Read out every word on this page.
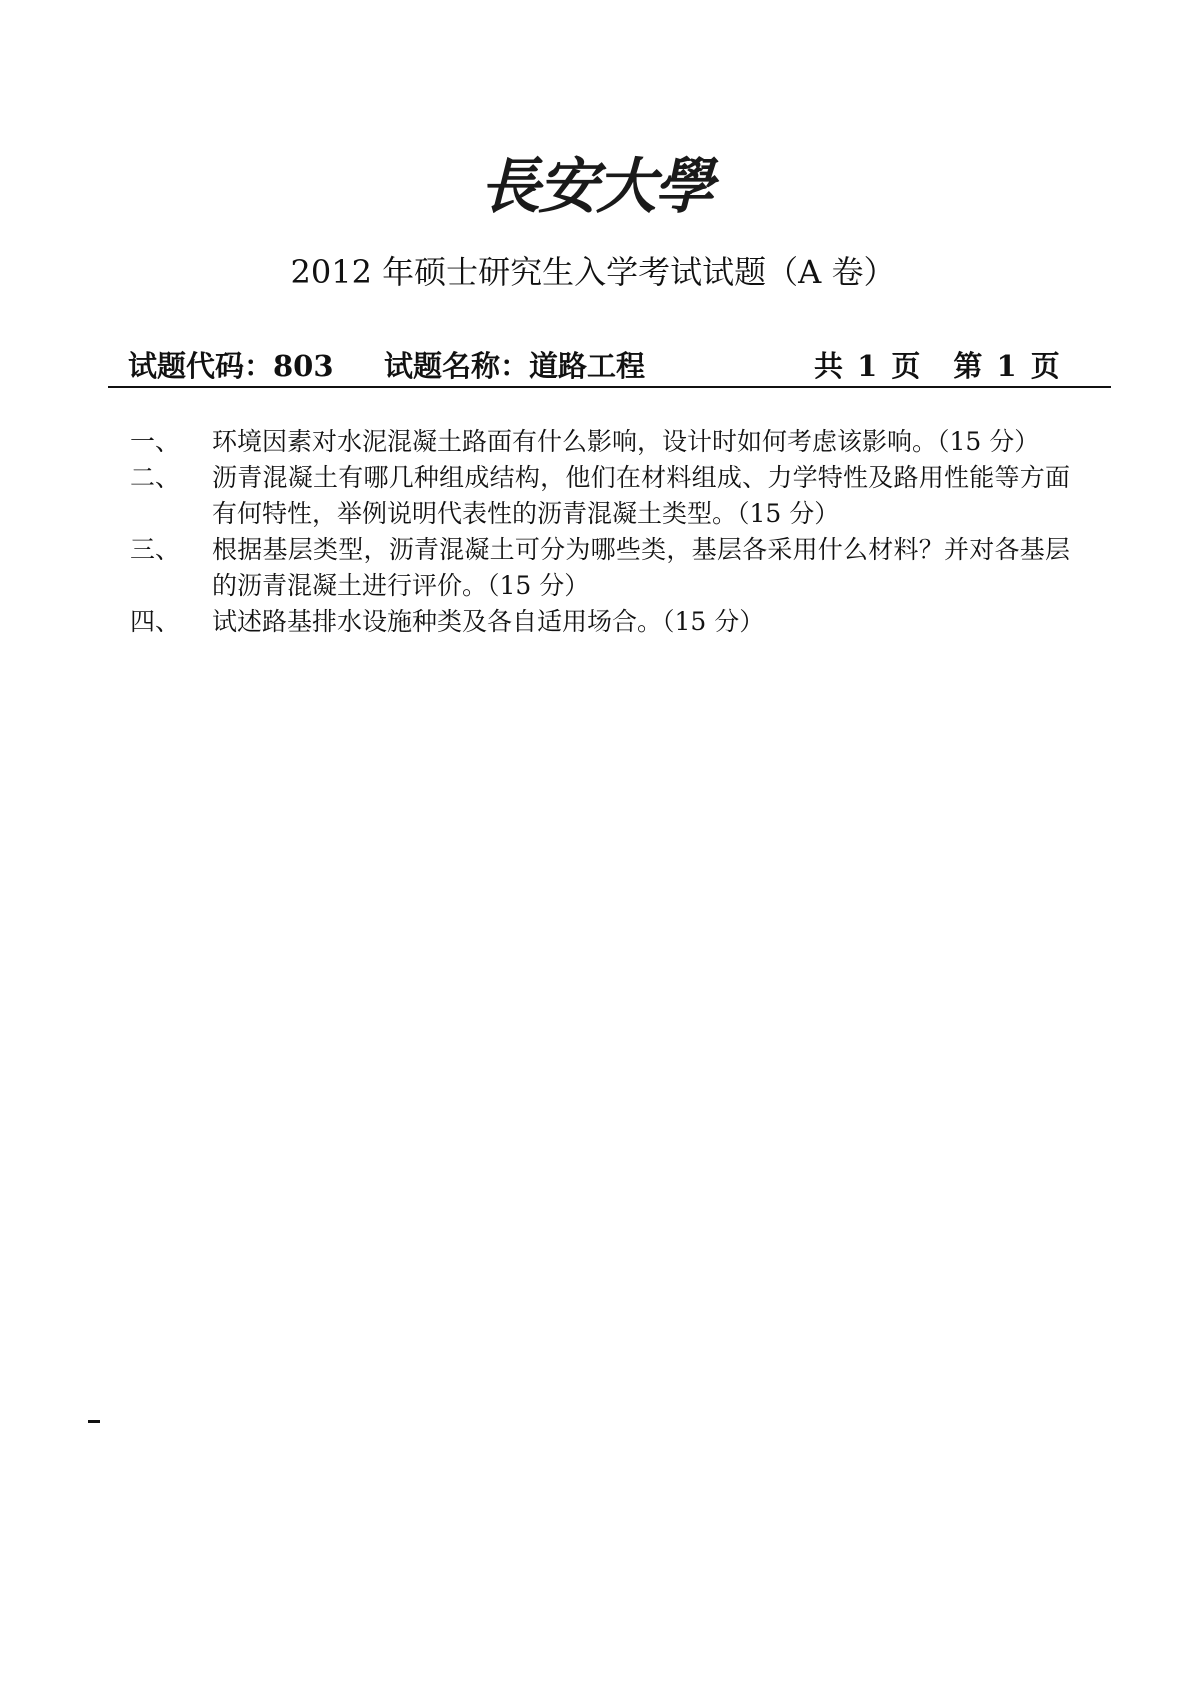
長安大學
2012 年硕士研究生入学考试试题（A 卷）
试题代码：803 试题名称：道路工程	共 1 页　第 1 页
一、	环境因素对水泥混凝土路面有什么影响，设计时如何考虑该影响。（15 分）
二、	沥青混凝土有哪几种组成结构，他们在材料组成、力学特性及路用性能等方面有何特性，举例说明代表性的沥青混凝土类型。（15 分）
三、	根据基层类型，沥青混凝土可分为哪些类，基层各采用什么材料？并对各基层的沥青混凝土进行评价。（15 分）
四、	试述路基排水设施种类及各自适用场合。（15 分）
